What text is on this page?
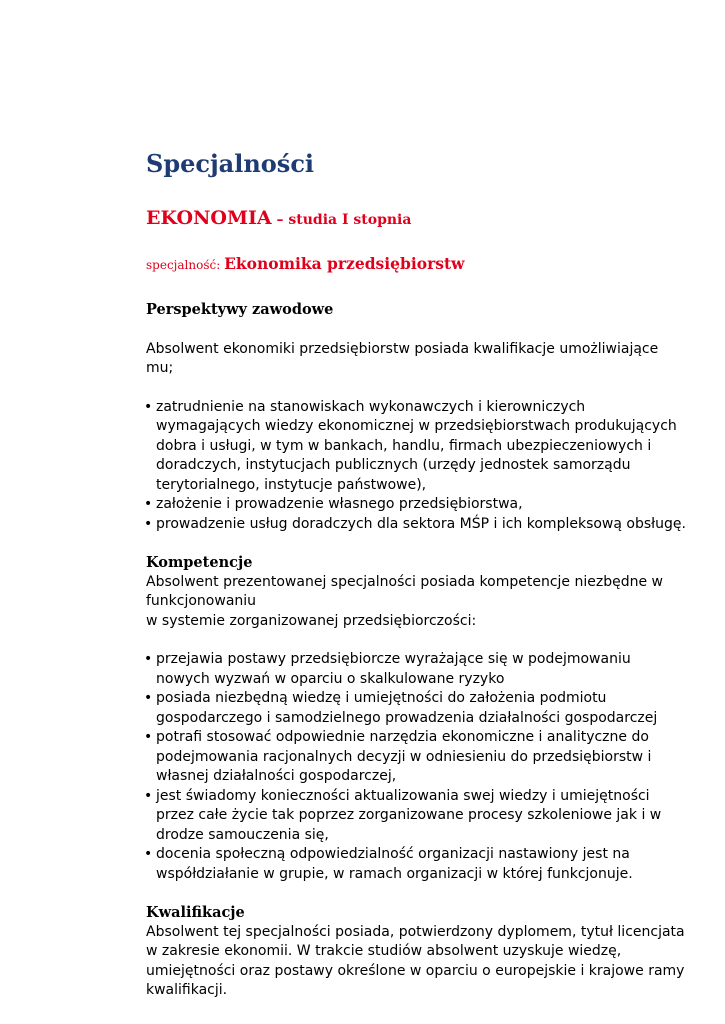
Specjalności
EKONOMIA – studia I stopnia
specjalność: Ekonomika przedsiębiorstw
Perspektywy zawodowe

Absolwent ekonomiki przedsiębiorstw posiada kwalifikacje umożliwiające mu;

• zatrudnienie na stanowiskach wykonawczych i kierowniczych wymagających wiedzy ekonomicznej w przedsiębiorstwach produkujących dobra i usługi, w tym w bankach, handlu, firmach ubezpieczeniowych i doradczych, instytucjach publicznych (urzędy jednostek samorządu terytorialnego, instytucje państwowe),
• założenie i prowadzenie własnego przedsiębiorstwa,
• prowadzenie usług doradczych dla sektora MŚP i ich kompleksową obsługę.
Kompetencje

Absolwent prezentowanej specjalności posiada kompetencje niezbędne w funkcjonowaniu
w systemie zorganizowanej przedsiębiorczości:

• przejawia postawy przedsiębiorcze wyrażające się w podejmowaniu nowych wyzwań w oparciu o skalkulowane ryzyko
• posiada niezbędną wiedzę i umiejętności do założenia podmiotu gospodarczego i samodzielnego prowadzenia działalności gospodarczej
• potrafi stosować odpowiednie narzędzia ekonomiczne i analityczne do podejmowania racjonalnych decyzji w odniesieniu do przedsiębiorstw i własnej działalności gospodarczej,
• jest świadomy konieczności aktualizowania swej wiedzy i umiejętności przez całe życie tak poprzez zorganizowane procesy szkoleniowe jak i w drodze samouczenia się,
• docenia społeczną odpowiedzialność organizacji nastawiony jest na współdziałanie w grupie, w ramach organizacji w której funkcjonuje.
Kwalifikacje

Absolwent tej specjalności posiada, potwierdzony dyplomem, tytuł licencjata w zakresie ekonomii. W trakcie studiów absolwent uzyskuje wiedzę, umiejętności oraz postawy określone w oparciu o europejskie i krajowe ramy kwalifikacji.
